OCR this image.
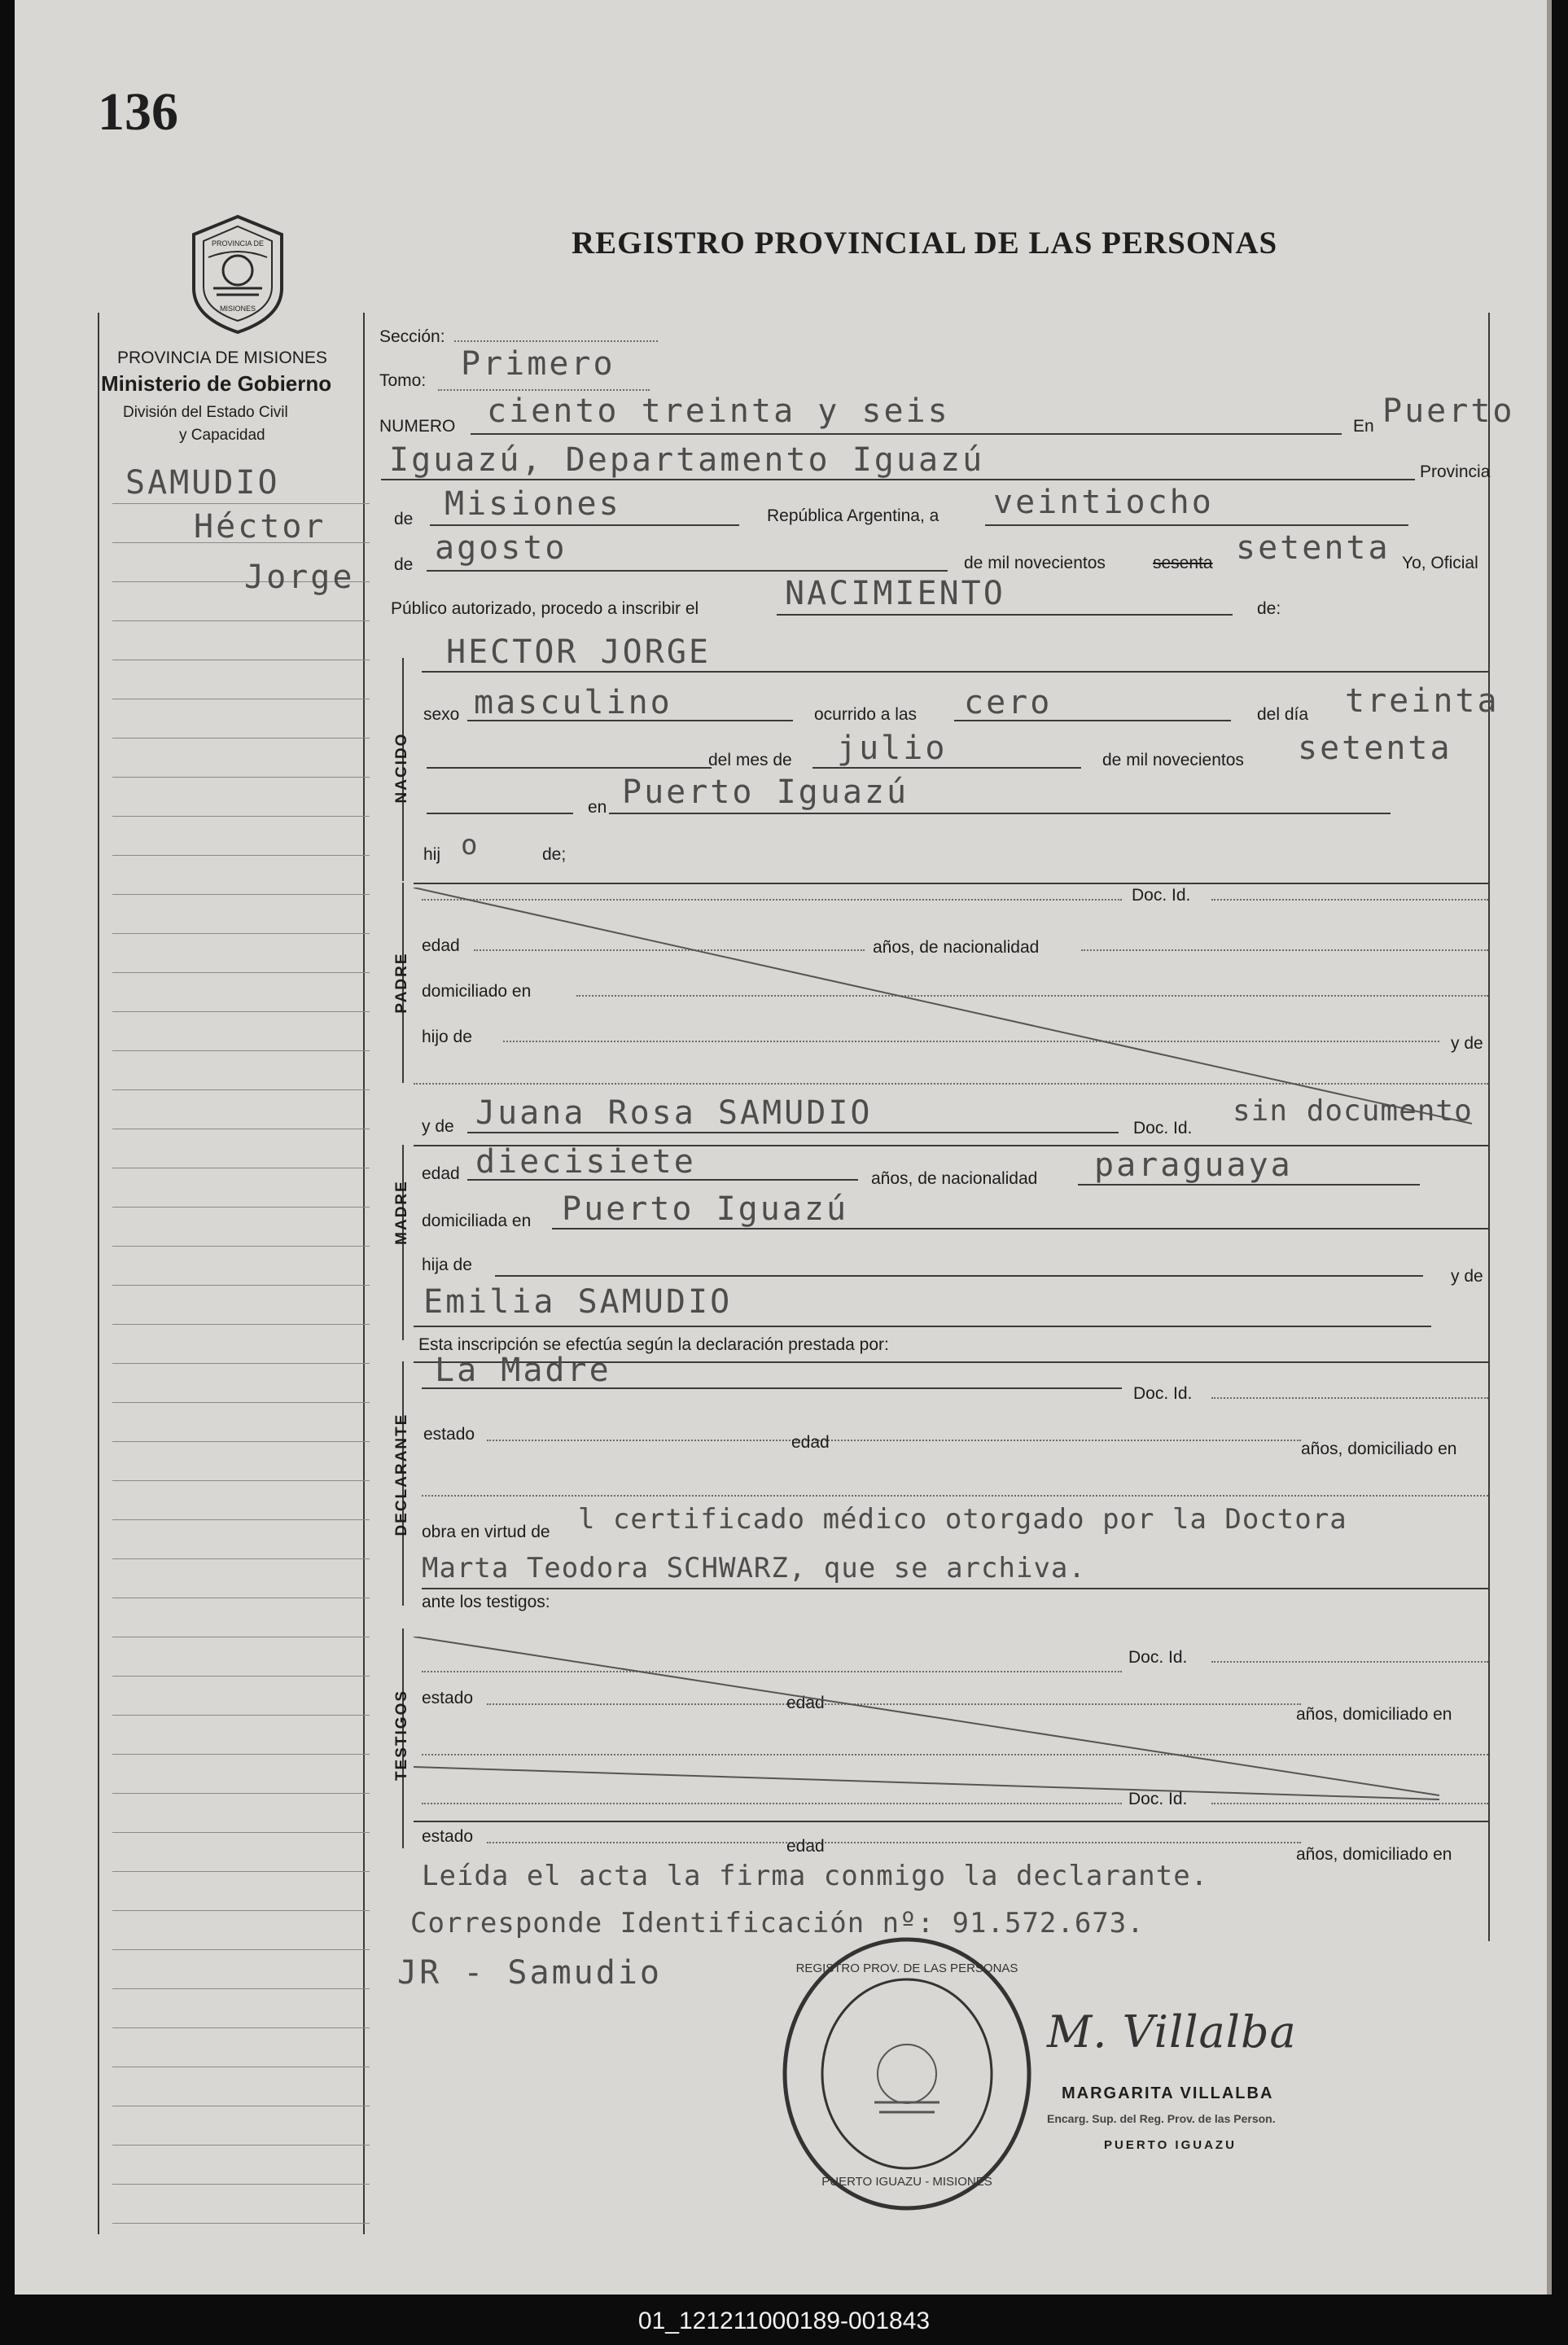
136
PROVINCIA DE
MISIONES
REGISTRO PROVINCIAL DE LAS PERSONAS
PROVINCIA DE MISIONES
Ministerio de Gobierno
División del Estado Civil
y Capacidad
SAMUDIO
Héctor
Jorge
Sección:
Tomo: Primero
NUMERO ciento treinta y seis	En Puerto
Iguazú, Departamento Iguazú	Provincia
de Misiones	República Argentina, a veintiocho
de agosto	de mil novecientos	sesenta setenta Yo, Oficial
Público autorizado, procedo a inscribir el	NACIMIENTO	de:
NACIDO
HECTOR JORGE
sexo masculino	ocurrido a las cero	del día treinta
del mes de julio	de mil novecientos setenta
en Puerto Iguazú
hij o	de;
PADRE
Doc. Id.
edad	años, de nacionalidad
domiciliado en
hijo de	y de
y de Juana Rosa SAMUDIO	Doc. Id.
sin documento
MADRE
edad diecisiete	años, de nacionalidad paraguaya
domiciliada en Puerto Iguazú
hija de
y de
Emilia SAMUDIO
Esta inscripción se efectúa según la declaración prestada por:
DECLARANTE
La Madre
Doc. Id.
estado	edad	años, domiciliado en
obra en virtud de l certificado médico otorgado por la Doctora
Marta Teodora SCHWARZ, que se archiva.
ante los testigos:
TESTIGOS
Doc. Id.
estado	edad
años, domiciliado en
Doc. Id.
estado
edad	años, domiciliado en
Leída el acta la firma conmigo la declarante.
Corresponde Identificación nº: 91.572.673.
JR - Samudio	REGISTRO PROV. DE LAS PERSONAS
PUERTO IGUAZU - MISIONES
M. Villalba
MARGARITA VILLALBA
Encarg. Sup. del Reg. Prov. de las Person.
PUERTO IGUAZU
01_121211000189-001843
